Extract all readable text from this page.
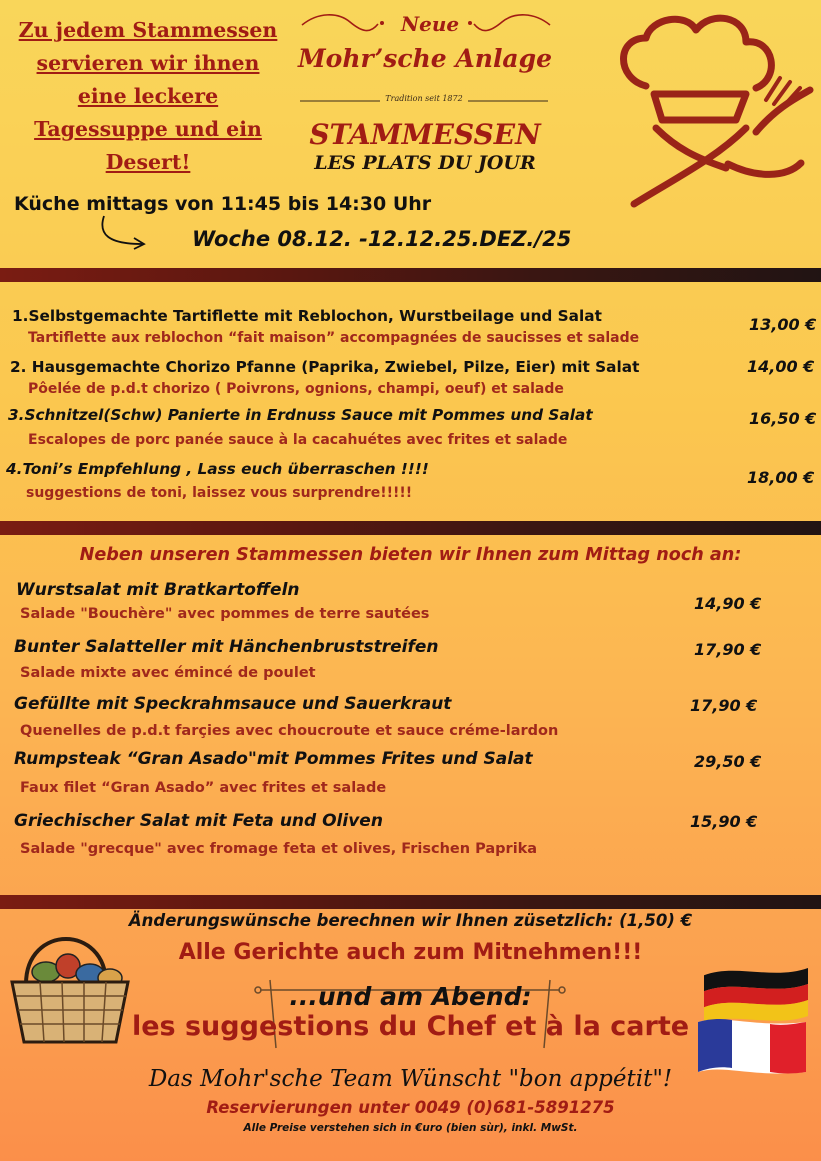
Zu jedem Stammessen
servieren wir ihnen
eine leckere
Tagessuppe und ein
Desert!
Neue
Mohr’sche Anlage
Tradition seit 1872
STAMMESSEN
LES PLATS DU JOUR
Küche mittags von 11:45 bis 14:30 Uhr
Woche 08.12. -12.12.25.DEZ./25
1.Selbstgemachte Tartiflette mit Reblochon, Wurstbeilage und Salat
Tartiflette aux reblochon “fait maison” accompagnées de saucisses et salade
13,00 €
2. Hausgemachte Chorizo Pfanne (Paprika, Zwiebel, Pilze, Eier) mit Salat
Pôelée de p.d.t chorizo ( Poivrons, ognions, champi, oeuf) et salade
14,00 €
3.Schnitzel(Schw) Panierte in Erdnuss Sauce mit Pommes und Salat
Escalopes de porc panée sauce à la cacahuétes avec frites et salade
16,50 €
4.Toni’s Empfehlung , Lass euch überraschen !!!!
suggestions de toni, laissez vous surprendre!!!!!
18,00 €
Neben unseren Stammessen bieten wir Ihnen zum Mittag noch an:
Wurstsalat mit Bratkartoffeln
Salade "Bouchère" avec pommes de terre sautées
14,90 €
Bunter Salatteller mit Hänchenbruststreifen
Salade mixte avec émincé de poulet
17,90 €
Gefüllte mit Speckrahmsauce und Sauerkraut
Quenelles de p.d.t farçies avec choucroute et sauce créme-lardon
17,90 €
Rumpsteak “Gran Asado"mit Pommes Frites und Salat
Faux filet “Gran Asado” avec frites et salade
29,50 €
Griechischer Salat mit Feta und Oliven
Salade "grecque" avec fromage feta et olives, Frischen Paprika
15,90 €
Änderungswünsche berechnen wir Ihnen züsetzlich: (1,50) €
Alle Gerichte auch zum Mitnehmen!!!
...und am Abend:
les suggestions du Chef et à la carte
Das Mohr'sche Team Wünscht "bon appétit"!
Reservierungen unter 0049 (0)681-5891275
Alle Preise verstehen sich in €uro (bien sùr), inkl. MwSt.
